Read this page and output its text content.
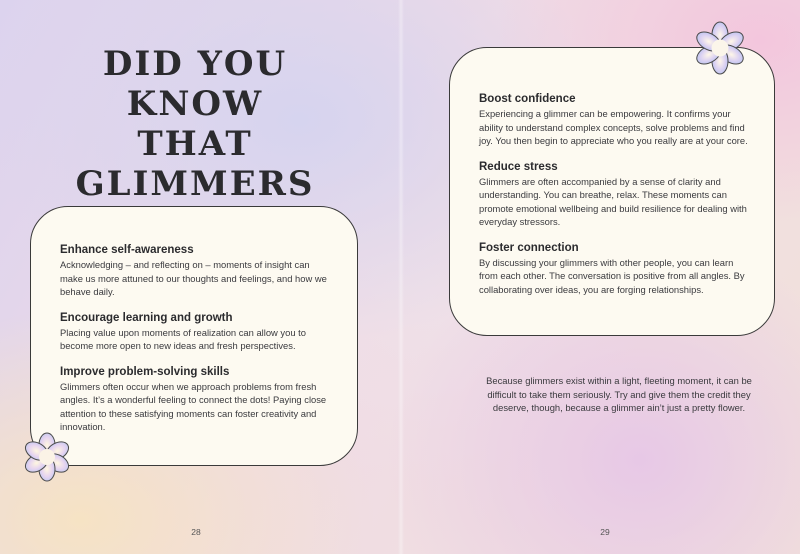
DID YOU KNOW
THAT GLIMMERS

Enhance self-awareness

Acknowledging – and reflecting on – moments of insight can make us more attuned to our thoughts and feelings, and how we behave daily.

Encourage learning and growth

Placing value upon moments of realization can allow you to become more open to new ideas and fresh perspectives.

Improve problem-solving skills

Glimmers often occur when we approach problems from fresh angles. It’s a wonderful feeling to connect the dots! Paying close attention to these satisfying moments can foster creativity and innovation.

28

Boost confidence

Experiencing a glimmer can be empowering. It confirms your ability to understand complex concepts, solve problems and find joy. You then begin to appreciate who you really are at your core.

Reduce stress

Glimmers are often accompanied by a sense of clarity and understanding. You can breathe, relax. These moments can promote emotional wellbeing and build resilience for dealing with everyday stressors.

Foster connection

By discussing your glimmers with other people, you can learn from each other. The conversation is positive from all angles. By collaborating over ideas, you are forging relationships.

Because glimmers exist within a light, fleeting moment, it can be difficult to take them seriously. Try and give them the credit they deserve, though, because a glimmer ain’t just a pretty flower.

29
